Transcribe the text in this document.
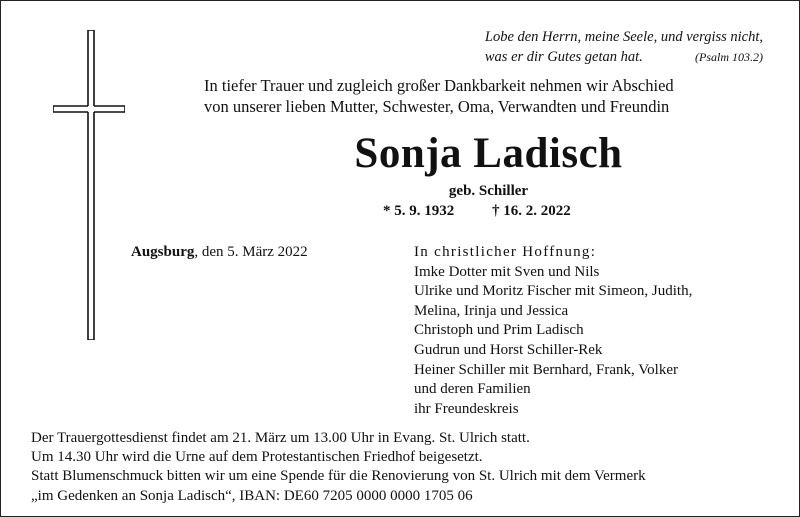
Lobe den Herrn, meine Seele, und vergiss nicht,
was er dir Gutes getan hat.	(Psalm 103.2)
In tiefer Trauer und zugleich großer Dankbarkeit nehmen wir Abschied
von unserer lieben Mutter, Schwester, Oma, Verwandten und Freundin
Sonja Ladisch
geb. Schiller
* 5. 9. 1932	† 16. 2. 2022
Augsburg, den 5. März 2022	In christlicher Hoffnung:
Imke Dotter mit Sven und Nils
Ulrike und Moritz Fischer mit Simeon, Judith,
Melina, Irinja und Jessica
Christoph und Prim Ladisch
Gudrun und Horst Schiller-Rek
Heiner Schiller mit Bernhard, Frank, Volker
und deren Familien
ihr Freundeskreis
Der Trauergottesdienst findet am 21. März um 13.00 Uhr in Evang. St. Ulrich statt.
Um 14.30 Uhr wird die Urne auf dem Protestantischen Friedhof beigesetzt.
Statt Blumenschmuck bitten wir um eine Spende für die Renovierung von St. Ulrich mit dem Vermerk
„im Gedenken an Sonja Ladisch“, IBAN: DE60 7205 0000 0000 1705 06
